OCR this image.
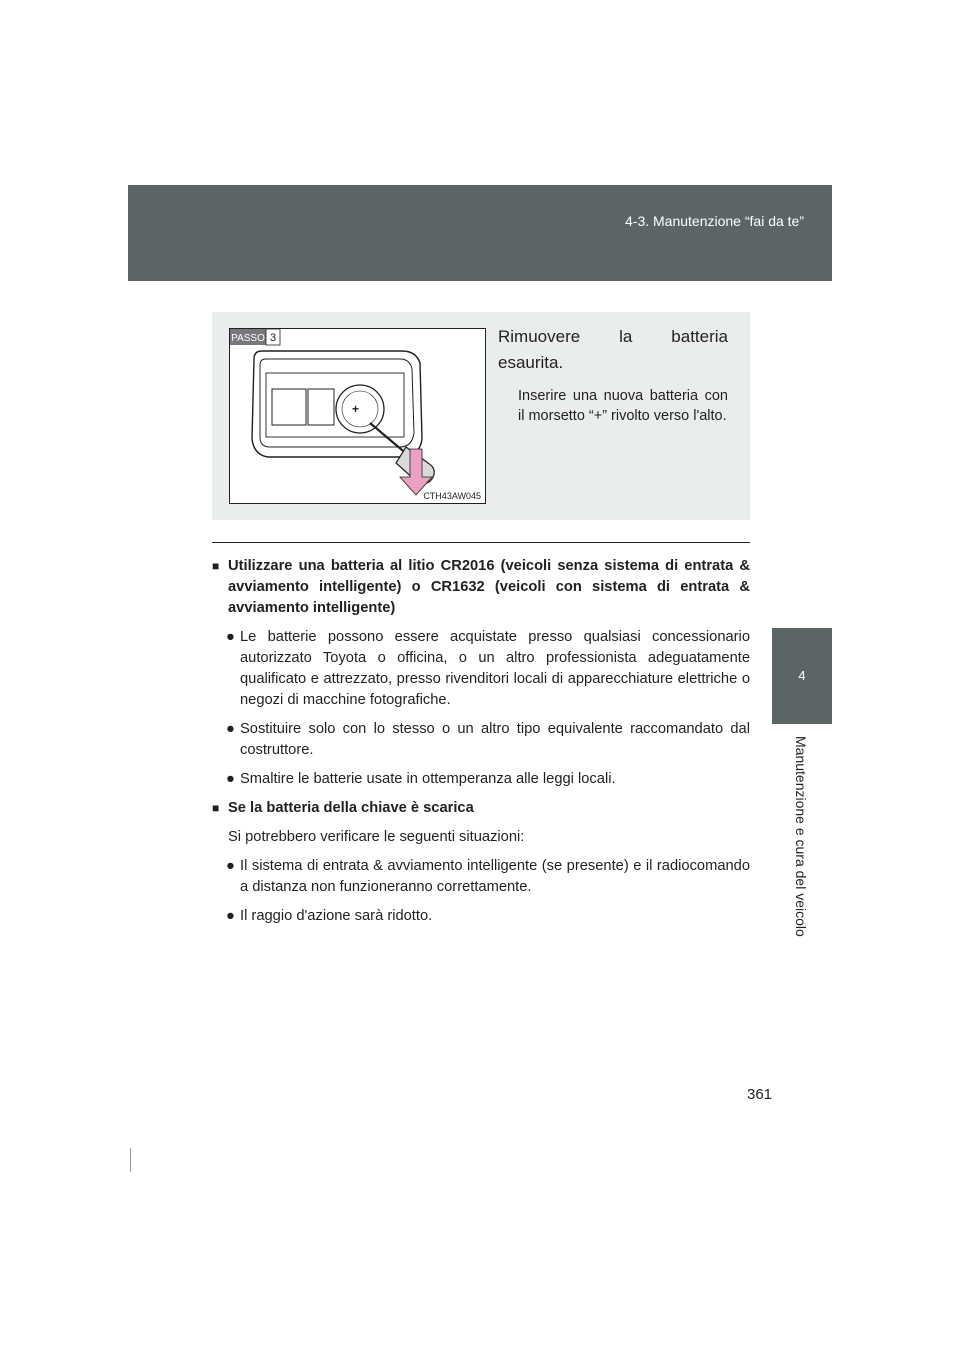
4-3. Manutenzione “fai da te”
4
Manutenzione e cura del veicolo
PASSO 3
+
CTH43AW045
Rimuovere la batteria esaurita.
Inserire una nuova batteria con il morsetto “+” rivolto verso l'alto.
■ Utilizzare una batteria al litio CR2016 (veicoli senza sistema di entrata & avviamento intelligente) o CR1632 (veicoli con sistema di entrata & avviamento intelligente)
● Le batterie possono essere acquistate presso qualsiasi concessionario autorizzato Toyota o officina, o un altro professionista adeguatamente qualificato e attrezzato, presso rivenditori locali di apparecchiature elettriche o negozi di macchine fotografiche.
● Sostituire solo con lo stesso o un altro tipo equivalente raccomandato dal costruttore.
● Smaltire le batterie usate in ottemperanza alle leggi locali.
■ Se la batteria della chiave è scarica
Si potrebbero verificare le seguenti situazioni:
● Il sistema di entrata & avviamento intelligente (se presente) e il radiocomando a distanza non funzioneranno correttamente.
● Il raggio d'azione sarà ridotto.
361
